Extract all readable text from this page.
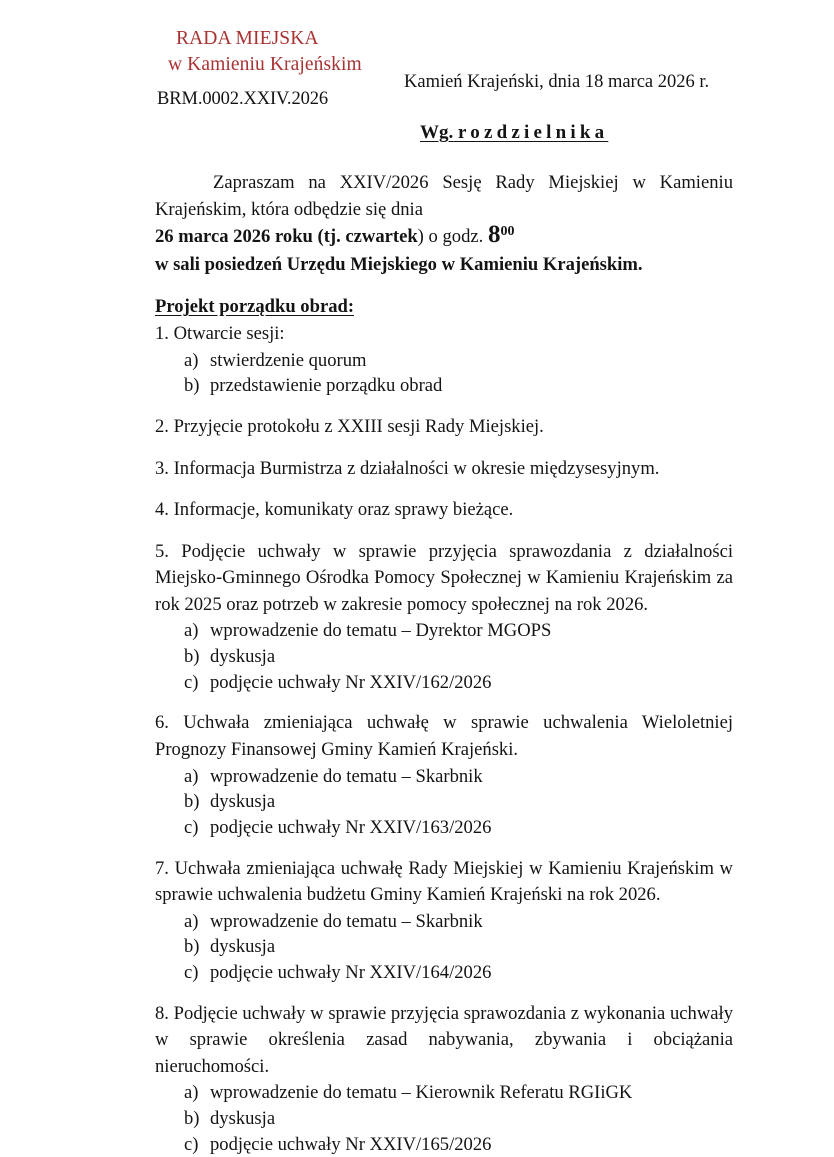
RADA MIEJSKA
w Kamieniu Krajeńskim
BRM.0002.XXIV.2026
Kamień Krajeński, dnia 18 marca 2026 r.
Wg. rozdzielnika

Zapraszam na XXIV/2026 Sesję Rady Miejskiej w Kamieniu Krajeńskim, która odbędzie się dnia

26 marca 2026 roku (tj. czwartek) o godz. $8^{00}$

w sali posiedzeń Urzędu Miejskiego w Kamieniu Krajeńskim.

Projekt porządku obrad:

1. Otwarcie sesji:

a) stwierdzenie quorum
b) przedstawienie porządku obrad

2. Przyjęcie protokołu z XXIII sesji Rady Miejskiej.

3. Informacja Burmistrza z działalności w okresie międzysesyjnym.

4. Informacje, komunikaty oraz sprawy bieżące.

5. Podjęcie uchwały w sprawie przyjęcia sprawozdania z działalności Miejsko-Gminnego Ośrodka Pomocy Społecznej w Kamieniu Krajeńskim za rok 2025 oraz potrzeb w zakresie pomocy społecznej na rok 2026.

a) wprowadzenie do tematu – Dyrektor MGOPS
b) dyskusja
c) podjęcie uchwały Nr XXIV/162/2026

6. Uchwała zmieniająca uchwałę w sprawie uchwalenia Wieloletniej Prognozy Finansowej Gminy Kamień Krajeński.

a) wprowadzenie do tematu – Skarbnik
b) dyskusja
c) podjęcie uchwały Nr XXIV/163/2026

7. Uchwała zmieniająca uchwałę Rady Miejskiej w Kamieniu Krajeńskim w sprawie uchwalenia budżetu Gminy Kamień Krajeński na rok 2026.

a) wprowadzenie do tematu – Skarbnik
b) dyskusja
c) podjęcie uchwały Nr XXIV/164/2026

8. Podjęcie uchwały w sprawie przyjęcia sprawozdania z wykonania uchwały w sprawie określenia zasad nabywania, zbywania i obciążania nieruchomości.

a) wprowadzenie do tematu – Kierownik Referatu RGIiGK
b) dyskusja
c) podjęcie uchwały Nr XXIV/165/2026
